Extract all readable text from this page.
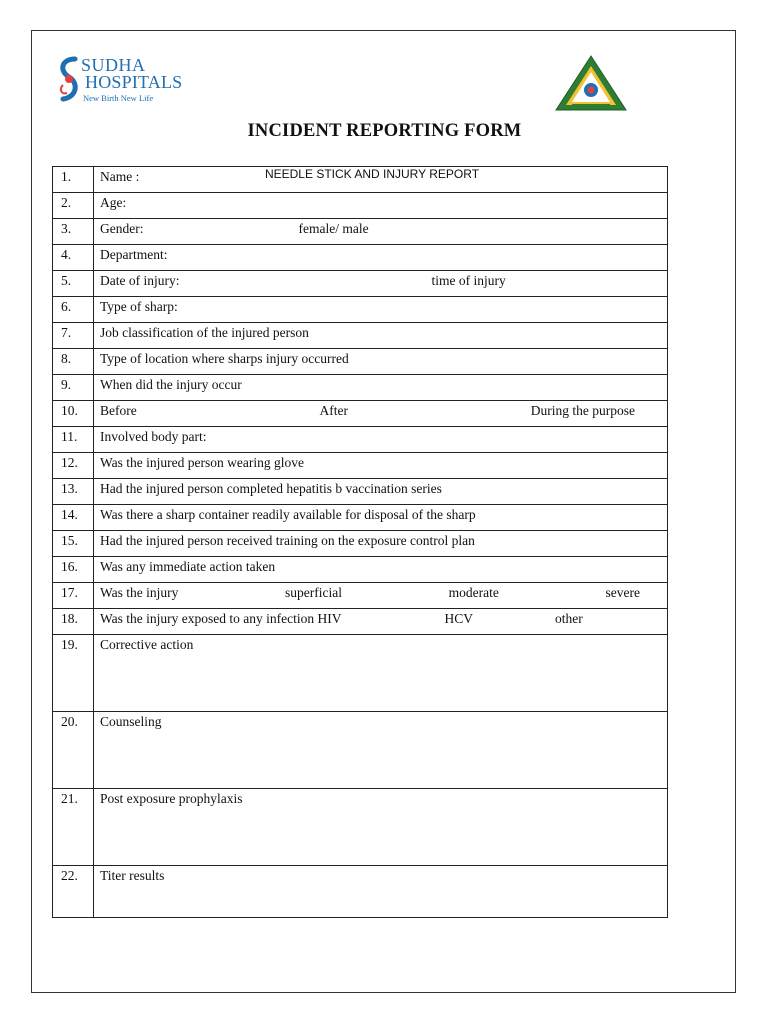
SUDHA
HOSPITALS
New Birth New Life
INCIDENT REPORTING FORM
NEEDLE STICK AND INJURY REPORT
1.	Name :
2.	Age:
3.	Gender: female/ male
4.	Department:
5.	Date of injury: time of injury
6.	Type of sharp:
7.	Job classification of the injured person
8.	Type of location where sharps injury occurred
9.	When did the injury occur
10.	Before After During the purpose

11.	Involved body part:
12.	Was the injured person wearing glove
13.	Had the injured person completed hepatitis b vaccination series
14.	Was there a sharp container readily available for disposal of the sharp
15.	Had the injured person received training on the exposure control plan
16.	Was any immediate action taken
17.	Was the injury superficial moderate severe

18.	Was the injury exposed to any infection HIV HCV other
19.	Corrective action
20.	Counseling
21.	Post exposure prophylaxis
22.	Titer results
